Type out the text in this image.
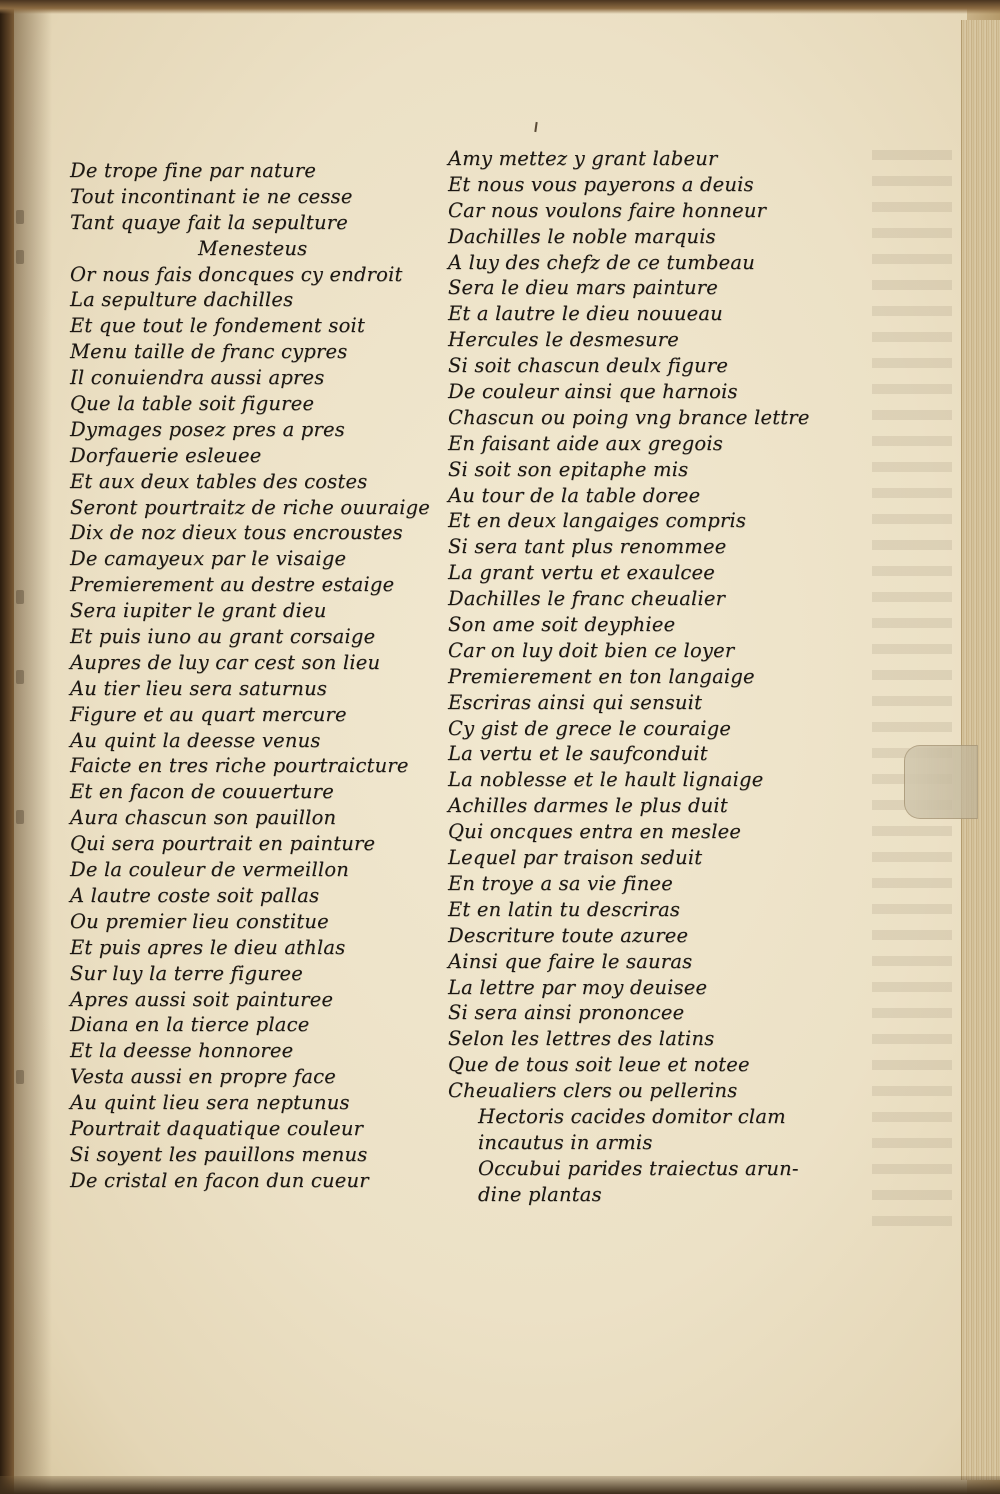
De trope fine par nature
Tout incontinant ie ne cesse
Tant quaye fait la sepulture
Menesteus
Or nous fais doncques cy endroit
La sepulture dachilles
Et que tout le fondement soit
Menu taille de franc cypres
Il conuiendra aussi apres
Que la table soit figuree
Dymages posez pres a pres
Dorfauerie esleuee
Et aux deux tables des costes
Seront pourtraitz de riche ouuraige
Dix de noz dieux tous encroustes
De camayeux par le visaige
Premierement au destre estaige
Sera iupiter le grant dieu
Et puis iuno au grant corsaige
Aupres de luy car cest son lieu
Au tier lieu sera saturnus
Figure et au quart mercure
Au quint la deesse venus
Faicte en tres riche pourtraicture
Et en facon de couuerture
Aura chascun son pauillon
Qui sera pourtrait en painture
De la couleur de vermeillon
A lautre coste soit pallas
Ou premier lieu constitue
Et puis apres le dieu athlas
Sur luy la terre figuree
Apres aussi soit painturee
Diana en la tierce place
Et la deesse honnoree
Vesta aussi en propre face
Au quint lieu sera neptunus
Pourtrait daquatique couleur
Si soyent les pauillons menus
De cristal en facon dun cueur
Amy mettez y grant labeur
Et nous vous payerons a deuis
Car nous voulons faire honneur
Dachilles le noble marquis
A luy des chefz de ce tumbeau
Sera le dieu mars painture
Et a lautre le dieu nouueau
Hercules le desmesure
Si soit chascun deulx figure
De couleur ainsi que harnois
Chascun ou poing vng brance lettre
En faisant aide aux gregois
Si soit son epitaphe mis
Au tour de la table doree
Et en deux langaiges compris
Si sera tant plus renommee
La grant vertu et exaulcee
Dachilles le franc cheualier
Son ame soit deyphiee
Car on luy doit bien ce loyer
Premierement en ton langaige
Escriras ainsi qui sensuit
Cy gist de grece le couraige
La vertu et le saufconduit
La noblesse et le hault lignaige
Achilles darmes le plus duit
Qui oncques entra en meslee
Lequel par traison seduit
En troye a sa vie finee
Et en latin tu descriras
Descriture toute azuree
Ainsi que faire le sauras
La lettre par moy deuisee
Si sera ainsi prononcee
Selon les lettres des latins
Que de tous soit leue et notee
Cheualiers clers ou pellerins
Hectoris cacides domitor clam
incautus in armis
Occubui parides traiectus arun-
dine plantas
